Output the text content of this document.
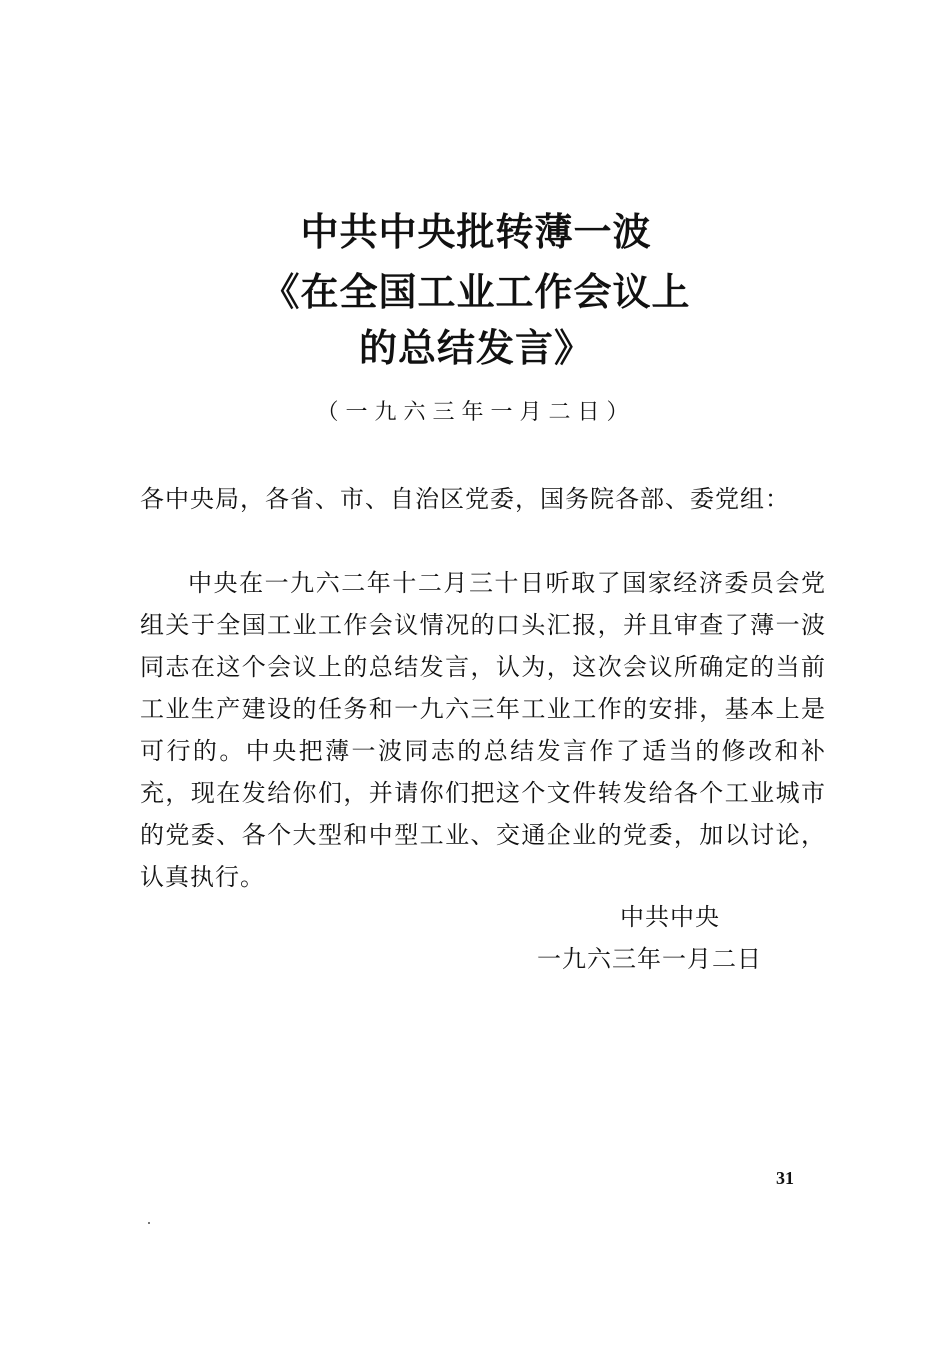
中共中央批转薄一波
《在全国工业工作会议上
的总结发言》
（一九六三年一月二日）
各中央局，各省、市、自治区党委，国务院各部、委党组：
中央在一九六二年十二月三十日听取了国家经济委员会党组关于全国工业工作会议情况的口头汇报，并且审查了薄一波同志在这个会议上的总结发言，认为，这次会议所确定的当前工业生产建设的任务和一九六三年工业工作的安排，基本上是可行的。中央把薄一波同志的总结发言作了适当的修改和补充，现在发给你们，并请你们把这个文件转发给各个工业城市的党委、各个大型和中型工业、交通企业的党委，加以讨论，认真执行。
中共中央
一九六三年一月二日
31
